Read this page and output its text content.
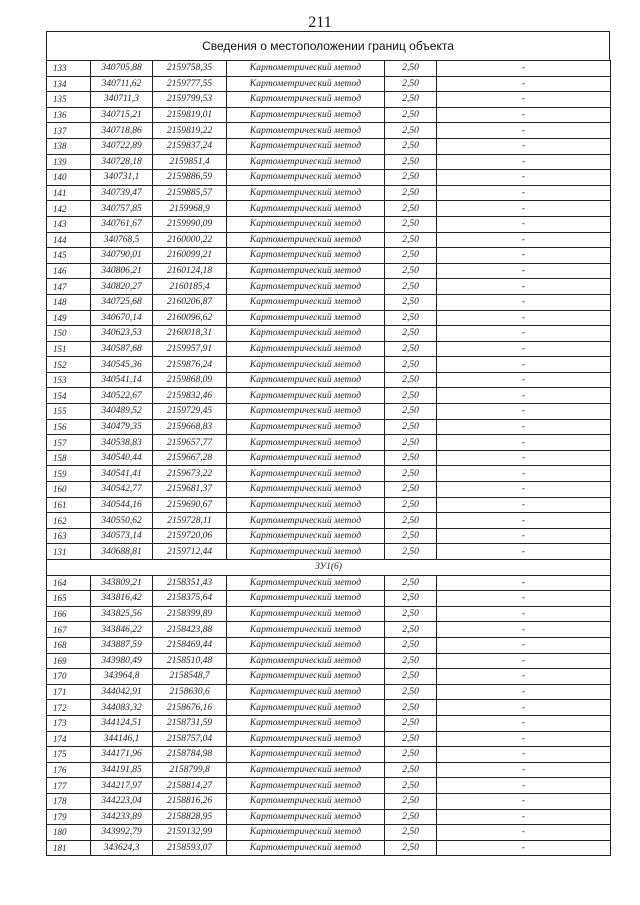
211
Сведения о местоположении границ объекта
133	340705,88	2159758,35	Картометрический метод	2,50	-
134	340711,62	2159777,55	Картометрический метод	2,50	-
135	340711,3	2159799,53	Картометрический метод	2,50	-
136	340715,21	2159819,01	Картометрический метод	2,50	-
137	340718,86	2159819,22	Картометрический метод	2,50	-
138	340722,89	2159837,24	Картометрический метод	2,50	-
139	340728,18	2159851,4	Картометрический метод	2,50	-
140	340731,1	2159886,59	Картометрический метод	2,50	-
141	340739,47	2159885,57	Картометрический метод	2,50	-
142	340757,85	2159968,9	Картометрический метод	2,50	-
143	340761,67	2159990,09	Картометрический метод	2,50	-
144	340768,5	2160000,22	Картометрический метод	2,50	-
145	340790,01	2160099,21	Картометрический метод	2,50	-
146	340806,21	2160124,18	Картометрический метод	2,50	-
147	340820,27	2160185,4	Картометрический метод	2,50	-
148	340725,68	2160206,87	Картометрический метод	2,50	-
149	340670,14	2160096,62	Картометрический метод	2,50	-
150	340623,53	2160018,31	Картометрический метод	2,50	-
151	340587,68	2159957,91	Картометрический метод	2,50	-
152	340545,36	2159876,24	Картометрический метод	2,50	-
153	340541,14	2159868,09	Картометрический метод	2,50	-
154	340522,67	2159832,46	Картометрический метод	2,50	-
155	340489,52	2159729,45	Картометрический метод	2,50	-
156	340479,35	2159668,83	Картометрический метод	2,50	-
157	340538,83	2159657,77	Картометрический метод	2,50	-
158	340540,44	2159667,28	Картометрический метод	2,50	-
159	340541,41	2159673,22	Картометрический метод	2,50	-
160	340542,77	2159681,37	Картометрический метод	2,50	-
161	340544,16	2159690,67	Картометрический метод	2,50	-
162	340550,62	2159728,11	Картометрический метод	2,50	-
163	340573,14	2159720,06	Картометрический метод	2,50	-
131	340688,81	2159712,44	Картометрический метод	2,50	-
ЗУ1(6)					
164	343809,21	2158351,43	Картометрический метод	2,50	-
165	343816,42	2158375,64	Картометрический метод	2,50	-
166	343825,56	2158399,89	Картометрический метод	2,50	-
167	343846,22	2158423,88	Картометрический метод	2,50	-
168	343887,59	2158469,44	Картометрический метод	2,50	-
169	343980,49	2158510,48	Картометрический метод	2,50	-
170	343964,8	2158548,7	Картометрический метод	2,50	-
171	344042,91	2158630,6	Картометрический метод	2,50	-
172	344083,32	2158676,16	Картометрический метод	2,50	-
173	344124,51	2158731,59	Картометрический метод	2,50	-
174	344146,1	2158757,04	Картометрический метод	2,50	-
175	344171,96	2158784,98	Картометрический метод	2,50	-
176	344191,85	2158799,8	Картометрический метод	2,50	-
177	344217,97	2158814,27	Картометрический метод	2,50	-
178	344223,04	2158816,26	Картометрический метод	2,50	-
179	344233,89	2158828,95	Картометрический метод	2,50	-
180	343992,79	2159132,99	Картометрический метод	2,50	-
181	343624,3	2158593,07	Картометрический метод	2,50	-
